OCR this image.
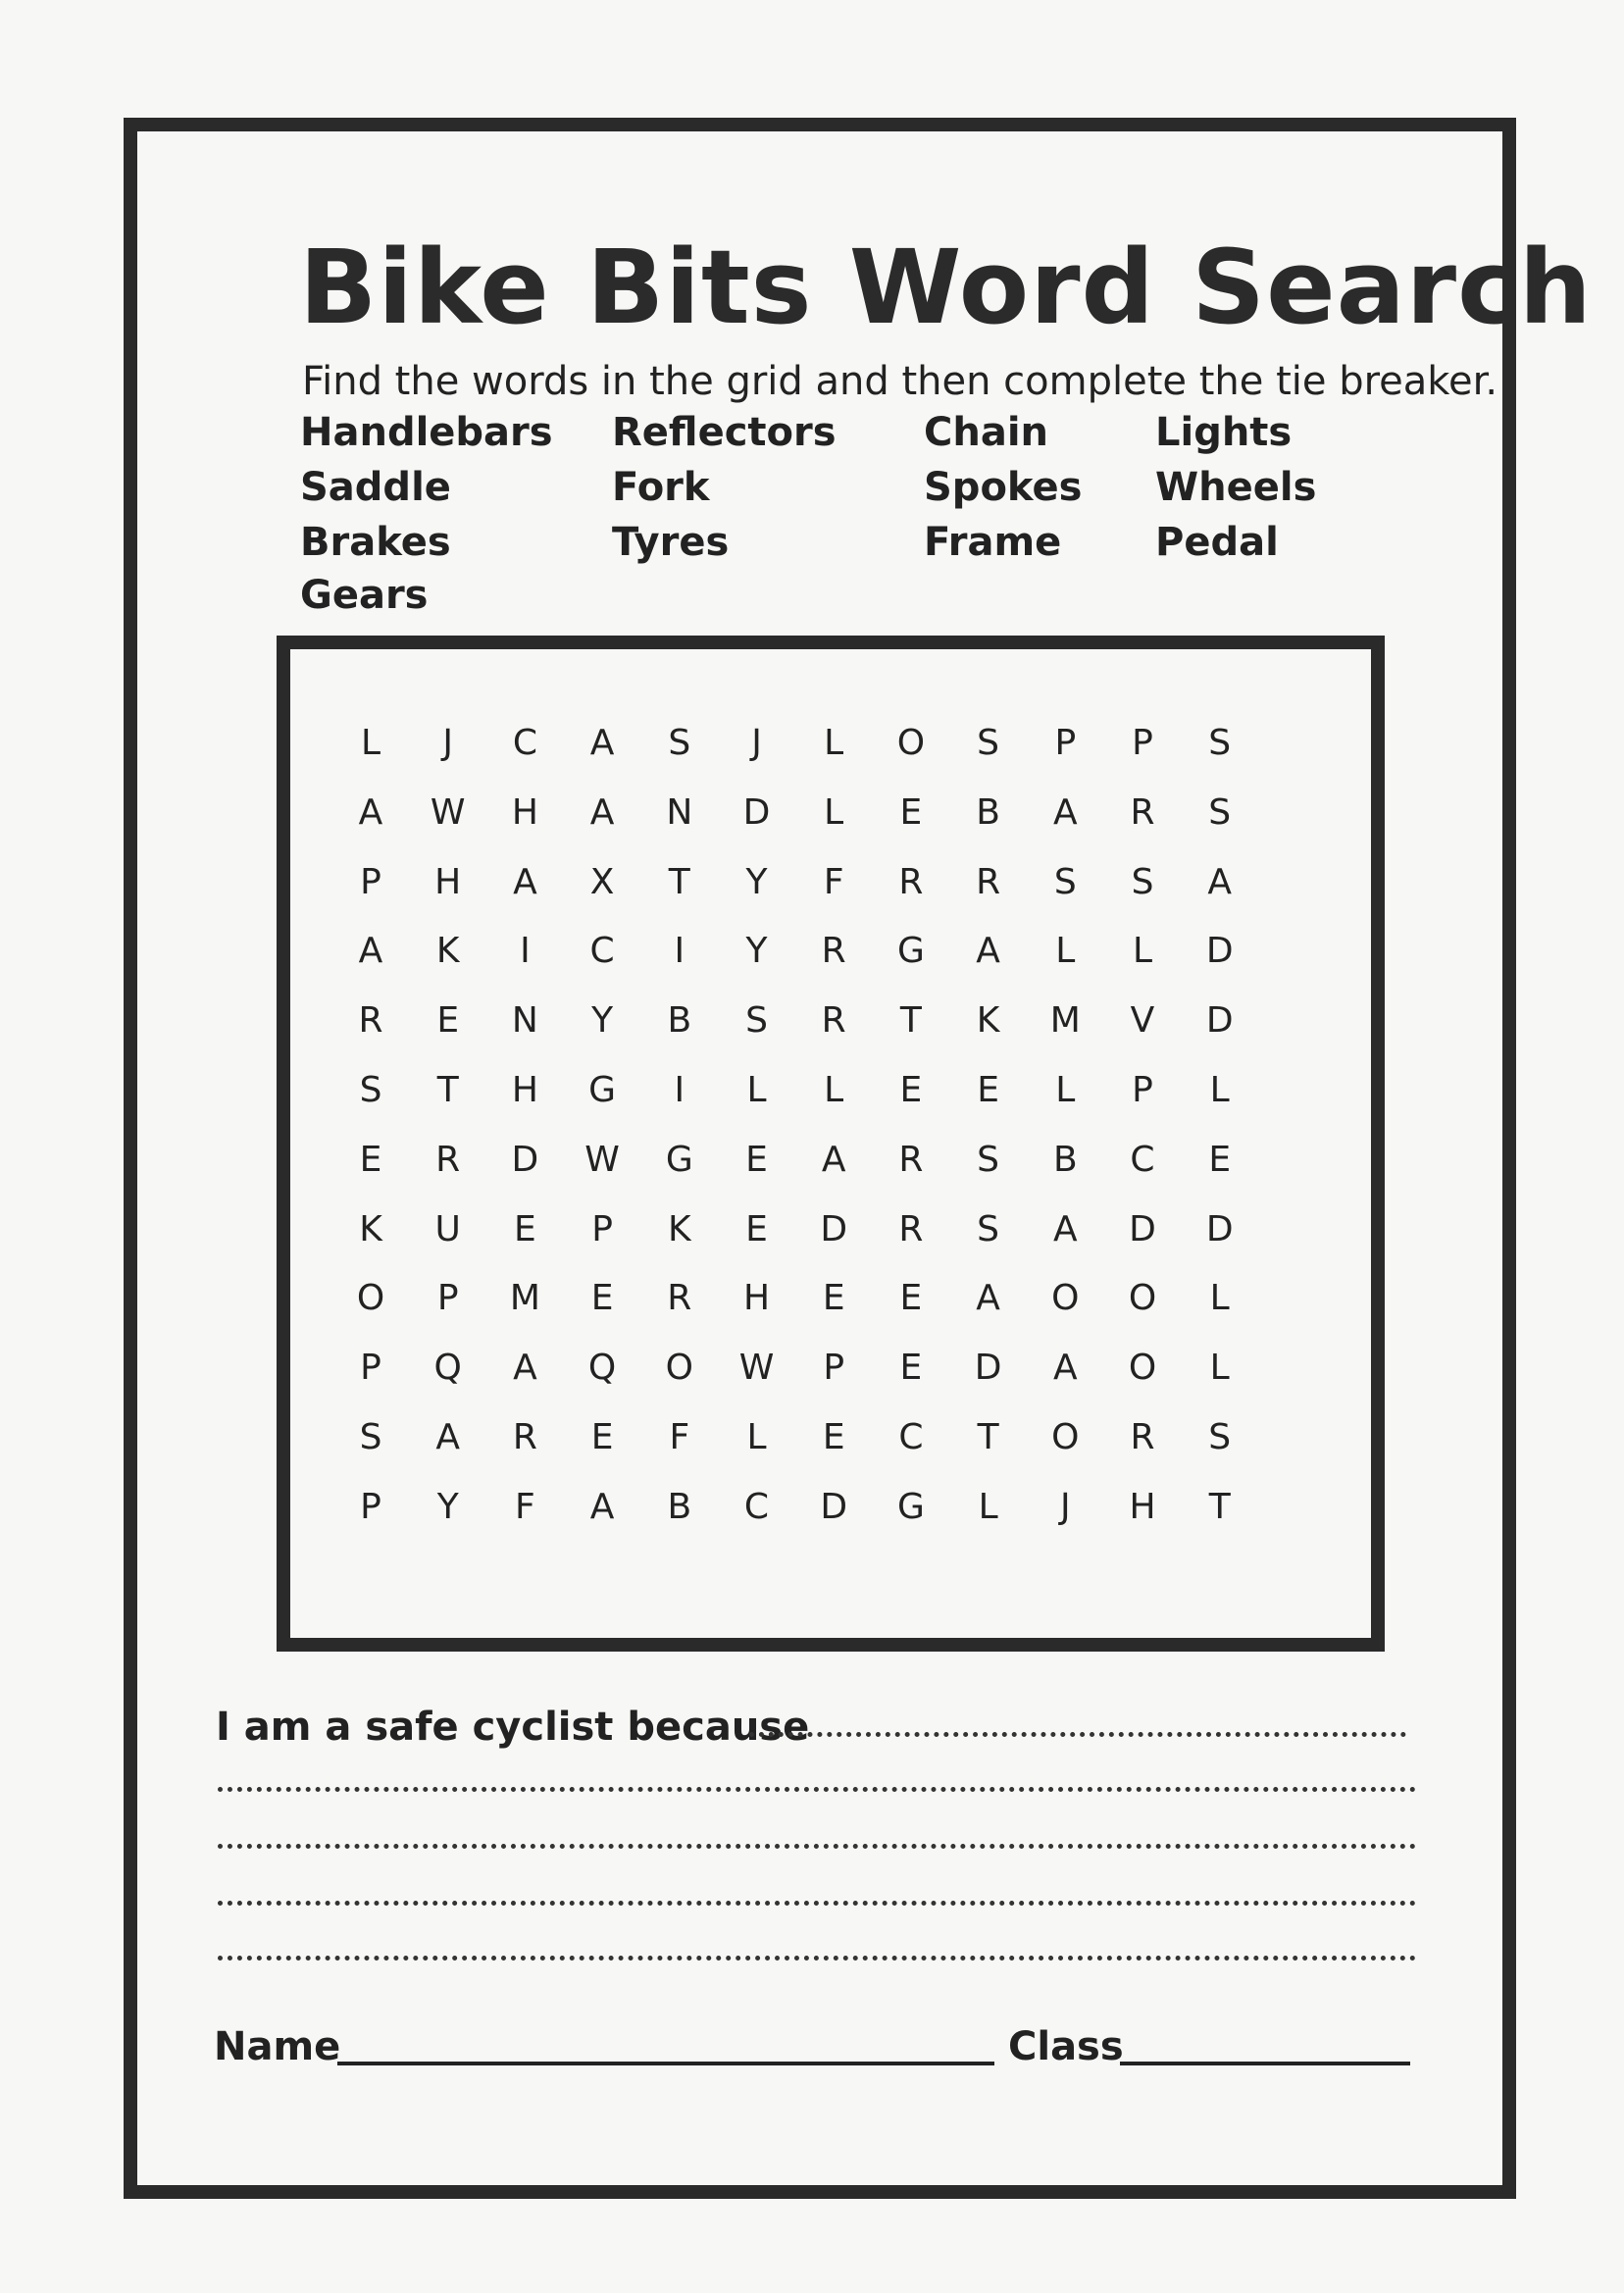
Bike Bits Word Search
Find the words in the grid and then complete the tie breaker.
Handlebars Reflectors Chain	Lights
Saddle	Fork	Spokes Wheels
Brakes	Tyres	Frame Pedal
Gears
L	J	C	A	S	J	L	O	S	P	P	S
A	W	H	A	N	D	L	E	B	A	R	S
P	H	A	X	T	Y	F	R	R	S	S	A
A	K	I	C	I	Y	R	G	A	L	L	D
R	E	N	Y	B	S	R	T	K	M	V	D
S	T	H	G	I	L	L	E	E	L	P	L
E	R	D	W	G	E	A	R	S	B	C	E
K	U	E	P	K	E	D	R	S	A	D	D
O	P	M	E	R	H	E	E	A	O	O	L
P	Q	A	Q	O	W	P	E	D	A	O	L
S	A	R	E	F	L	E	C	T	O	R	S
P	Y	F	A	B	C	D	G	L	J	H	T
I am a safe cyclist because
Name	Class
